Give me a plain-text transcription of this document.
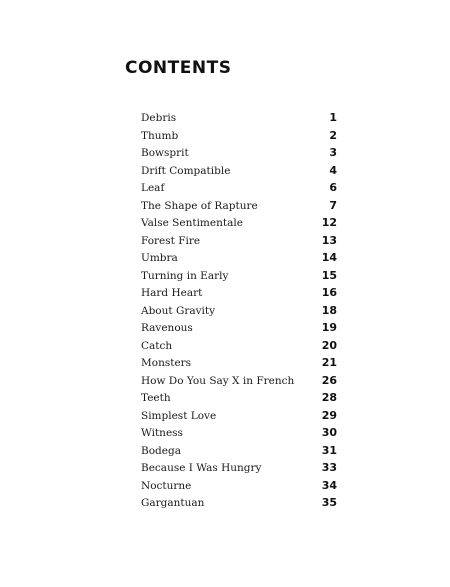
CONTENTS
Debris	1
Thumb	2
Bowsprit	3
Drift Compatible	4
Leaf	6
The Shape of Rapture	7
Valse Sentimentale	12
Forest Fire	13
Umbra	14
Turning in Early	15
Hard Heart	16
About Gravity	18
Ravenous	19
Catch	20
Monsters	21
How Do You Say X in French 26
Teeth	28
Simplest Love	29
Witness	30
Bodega	31
Because I Was Hungry	33
Nocturne	34
Gargantuan	35
